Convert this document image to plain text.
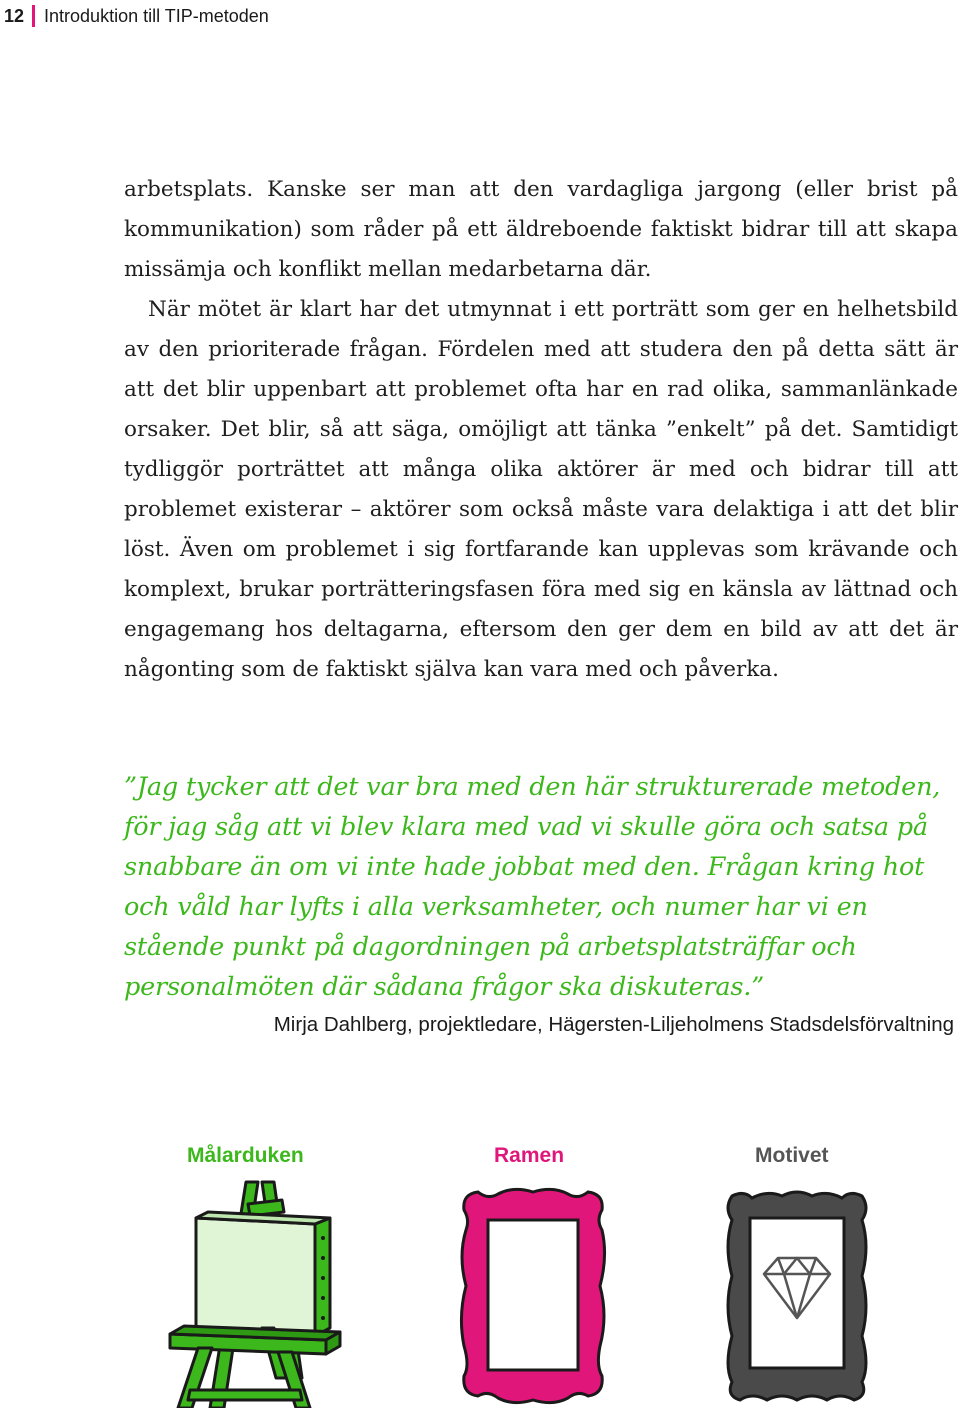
12 Introduktion till TIP-metoden

arbetsplats. Kanske ser man att den vardagliga jargong (eller brist på kommunikation) som råder på ett äldreboende faktiskt bidrar till att skapa missämja och konflikt mellan medarbetarna där.

När mötet är klart har det utmynnat i ett porträtt som ger en helhetsbild av den prioriterade frågan. Fördelen med att studera den på detta sätt är att det blir uppenbart att problemet ofta har en rad olika, sammanlänkade orsaker. Det blir, så att säga, omöjligt att tänka ”enkelt” på det. Samtidigt tydliggör porträttet att många olika aktörer är med och bidrar till att problemet existerar – aktörer som också måste vara delaktiga i att det blir löst. Även om problemet i sig fortfarande kan upplevas som krävande och komplext, brukar porträtteringsfasen föra med sig en känsla av lättnad och engagemang hos deltagarna, eftersom den ger dem en bild av att det är någonting som de faktiskt själva kan vara med och påverka.

”Jag tycker att det var bra med den här strukturerade metoden, för jag såg att vi blev klara med vad vi skulle göra och satsa på snabbare än om vi inte hade jobbat med den. Frågan kring hot och våld har lyfts i alla verksamheter, och numer har vi en stående punkt på dagordningen på arbetsplatsträffar och personalmöten där sådana frågor ska diskuteras.”
Mirja Dahlberg, projektledare, Hägersten-Liljeholmens Stadsdelsförvaltning
Målarduken	Ramen	Motivet
